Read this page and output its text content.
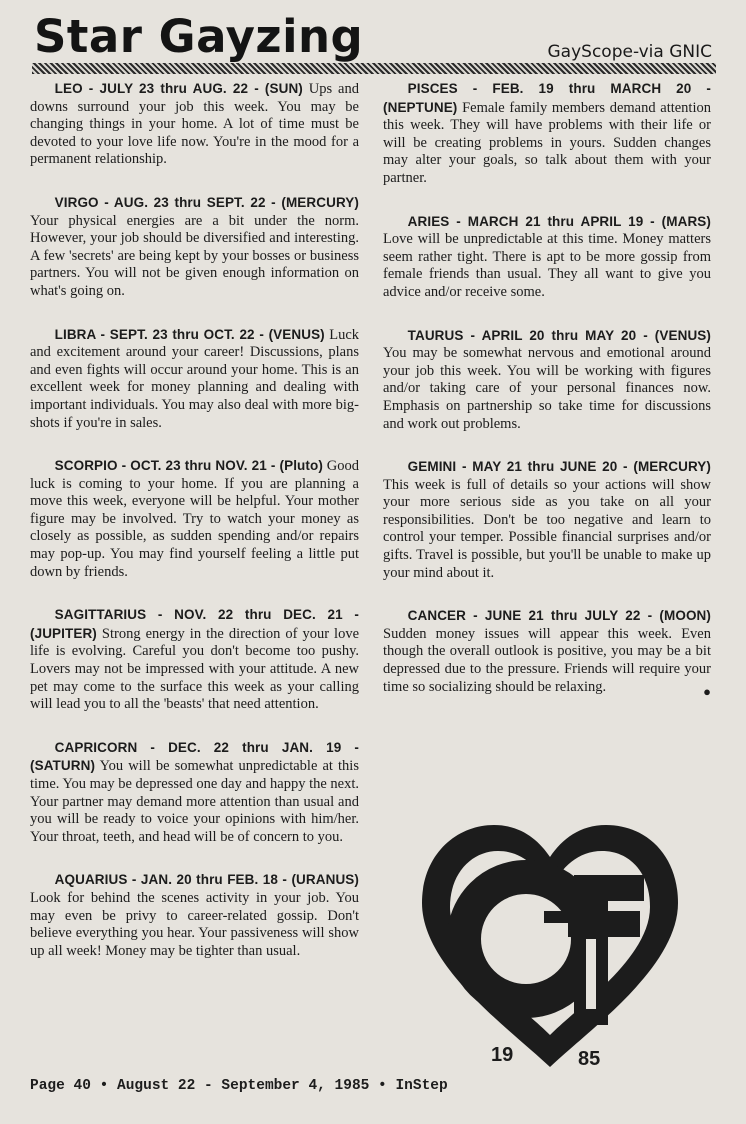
Star Gayzing	GayScope-via GNIC

LEO - JULY 23 thru AUG. 22 - (SUN) Ups and downs surround your job this week. You may be changing things in your home. A lot of time must be devoted to your love life now. You're in the mood for a permanent relationship.

VIRGO - AUG. 23 thru SEPT. 22 - (MERCURY) Your physical energies are a bit under the norm. However, your job should be diversified and interesting. A few 'secrets' are being kept by your bosses or business partners. You will not be given enough information on what's going on.

LIBRA - SEPT. 23 thru OCT. 22 - (VENUS) Luck and excitement around your career! Discussions, plans and even fights will occur around your home. This is an excellent week for money planning and dealing with important individuals. You may also deal with more big-shots if you're in sales.

SCORPIO - OCT. 23 thru NOV. 21 - (Pluto) Good luck is coming to your home. If you are planning a move this week, everyone will be helpful. Your mother figure may be involved. Try to watch your money as closely as possible, as sudden spending and/or repairs may pop-up. You may find yourself feeling a little put down by friends.

SAGITTARIUS - NOV. 22 thru DEC. 21 - (JUPITER) Strong energy in the direction of your love life is evolving. Careful you don't become too pushy. Lovers may not be impressed with your attitude. A new pet may come to the surface this week as your calling will lead you to all the 'beasts' that need attention.

CAPRICORN - DEC. 22 thru JAN. 19 - (SATURN) You will be somewhat unpredictable at this time. You may be depressed one day and happy the next. Your partner may demand more attention than usual and you will be ready to voice your opinions with him/her. Your throat, teeth, and head will be of concern to you.

AQUARIUS - JAN. 20 thru FEB. 18 - (URANUS) Look for behind the scenes activity in your job. You may even be privy to career-related gossip. Don't believe everything you hear. Your passiveness will show up all week! Money may be tighter than usual.

PISCES - FEB. 19 thru MARCH 20 - (NEPTUNE) Female family members demand attention this week. They will have problems with their life or will be creating problems in yours. Sudden changes may alter your goals, so talk about them with your partner.

ARIES - MARCH 21 thru APRIL 19 - (MARS) Love will be unpredictable at this time. Money matters seem rather tight. There is apt to be more gossip from female friends than usual. They all want to give you advice and/or receive some.

TAURUS - APRIL 20 thru MAY 20 - (VENUS) You may be somewhat nervous and emotional around your job this week. You will be working with figures and/or taking care of your personal finances now. Emphasis on partnership so take time for discussions and work out problems.

GEMINI - MAY 21 thru JUNE 20 - (MERCURY) This week is full of details so your actions will show your more serious side as you take on all your responsibilities. Don't be too negative and learn to control your temper. Possible financial surprises and/or gifts. Travel is possible, but you'll be unable to make up your mind about it.

CANCER - JUNE 21 thru JULY 22 - (MOON) Sudden money issues will appear this week. Even though the overall outlook is positive, you may be a bit depressed due to the pressure. Friends will require your time so socializing should be relaxing.	●

19	85
Page 40 • August 22 - September 4, 1985 • InStep
